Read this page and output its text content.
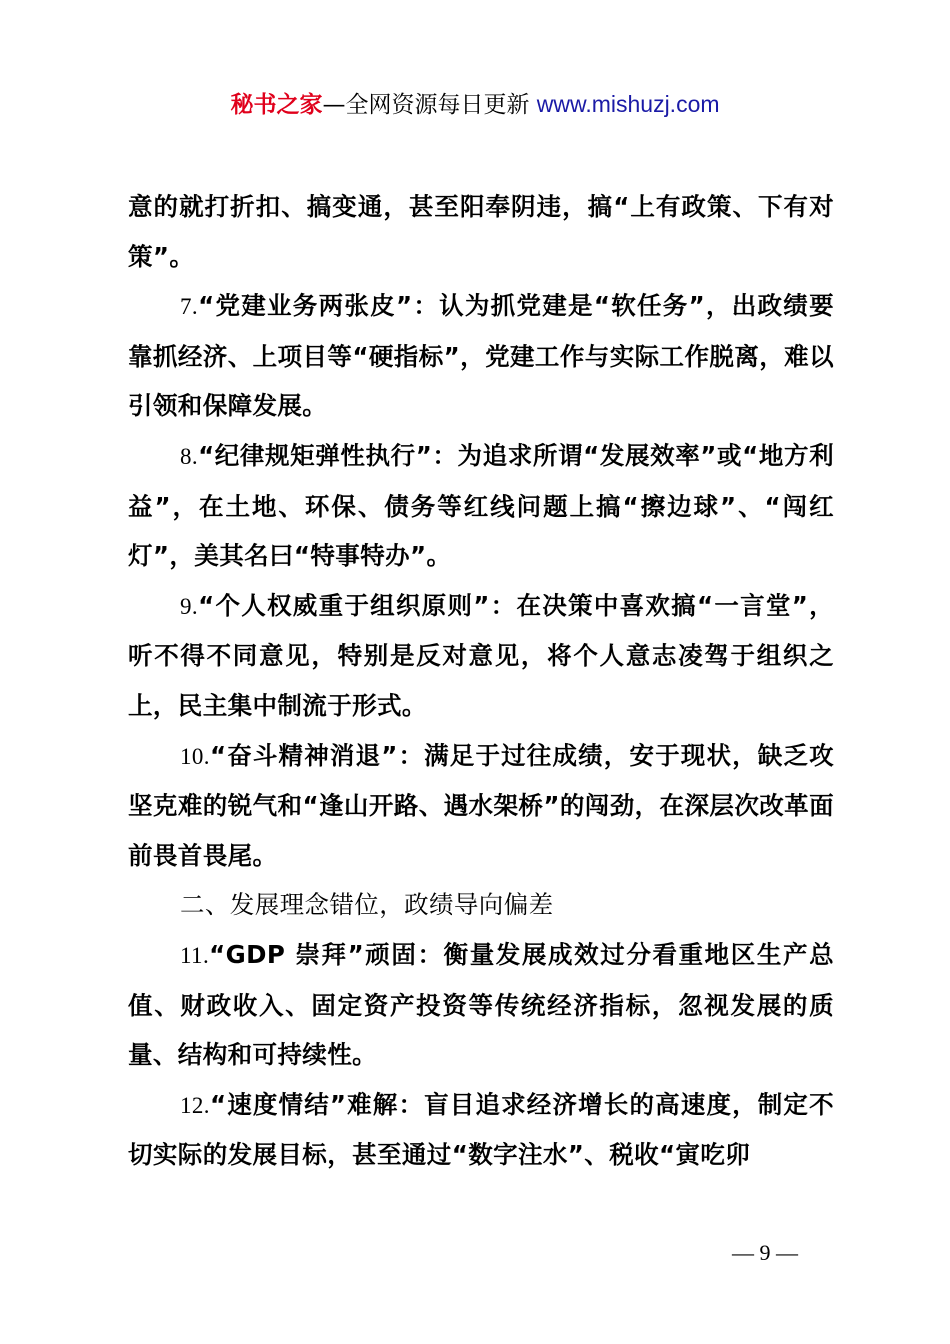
秘书之家—全网资源每日更新 www.mishuzj.com

意的就打折扣、搞变通，甚至阳奉阴违，搞“上有政策、下有对策”。

7.“党建业务两张皮”：认为抓党建是“软任务”，出政绩要靠抓经济、上项目等“硬指标”，党建工作与实际工作脱离，难以引领和保障发展。

8.“纪律规矩弹性执行”：为追求所谓“发展效率”或“地方利益”，在土地、环保、债务等红线问题上搞“擦边球”、“闯红灯”，美其名曰“特事特办”。

9.“个人权威重于组织原则”：在决策中喜欢搞“一言堂”，听不得不同意见，特别是反对意见，将个人意志凌驾于组织之上，民主集中制流于形式。

10.“奋斗精神消退”：满足于过往成绩，安于现状，缺乏攻坚克难的锐气和“逢山开路、遇水架桥”的闯劲，在深层次改革面前畏首畏尾。

二、发展理念错位，政绩导向偏差

11.“GDP 崇拜”顽固：衡量发展成效过分看重地区生产总值、财政收入、固定资产投资等传统经济指标，忽视发展的质量、结构和可持续性。

12.“速度情结”难解：盲目追求经济增长的高速度，制定不切实际的发展目标，甚至通过“数字注水”、税收“寅吃卯

— 9 —
